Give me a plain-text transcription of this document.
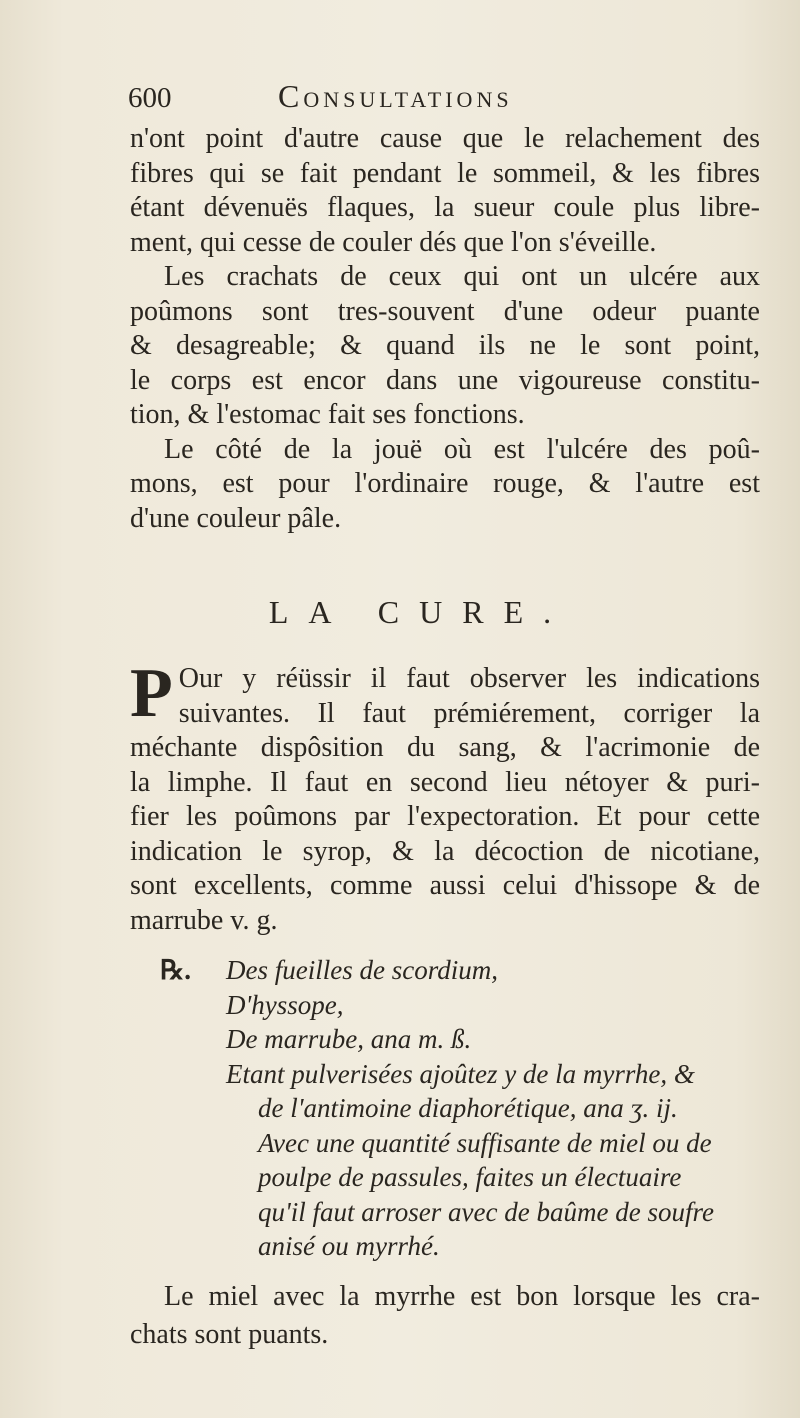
600	Consultations
n'ont point d'autre cause que le relachement des
fibres qui se fait pendant le sommeil, & les fibres
étant dévenuës flaques, la sueur coule plus libre-
ment, qui cesse de couler dés que l'on s'éveille.
Les crachats de ceux qui ont un ulcére aux
poûmons sont tres-souvent d'une odeur puante
& desagreable; & quand ils ne le sont point,
le corps est encor dans une vigoureuse constitu-
tion, & l'estomac fait ses fonctions.
Le côté de la jouë où est l'ulcére des poû-
mons, est pour l'ordinaire rouge, & l'autre est
d'une couleur pâle.
LA CURE.
P Our y réüssir il faut observer les indications
suivantes. Il faut prémiérement, corriger la
méchante dispôsition du sang, & l'acrimonie de
la limphe. Il faut en second lieu nétoyer & puri-
fier les poûmons par l'expectoration. Et pour cette
indication le syrop, & la décoction de nicotiane,
sont excellents, comme aussi celui d'hissope & de
marrube v. g.
℞.	Des fueilles de scordium,
D'hyssope,
De marrube, ana m. ß.
Etant pulverisées ajoûtez y de la myrrhe, &
de l'antimoine diaphorétique, ana ʒ. ij.
Avec une quantité suffisante de miel ou de
poulpe de passules, faites un électuaire
qu'il faut arroser avec de baûme de soufre
anisé ou myrrhé.
Le miel avec la myrrhe est bon lorsque les cra-
chats sont puants.
